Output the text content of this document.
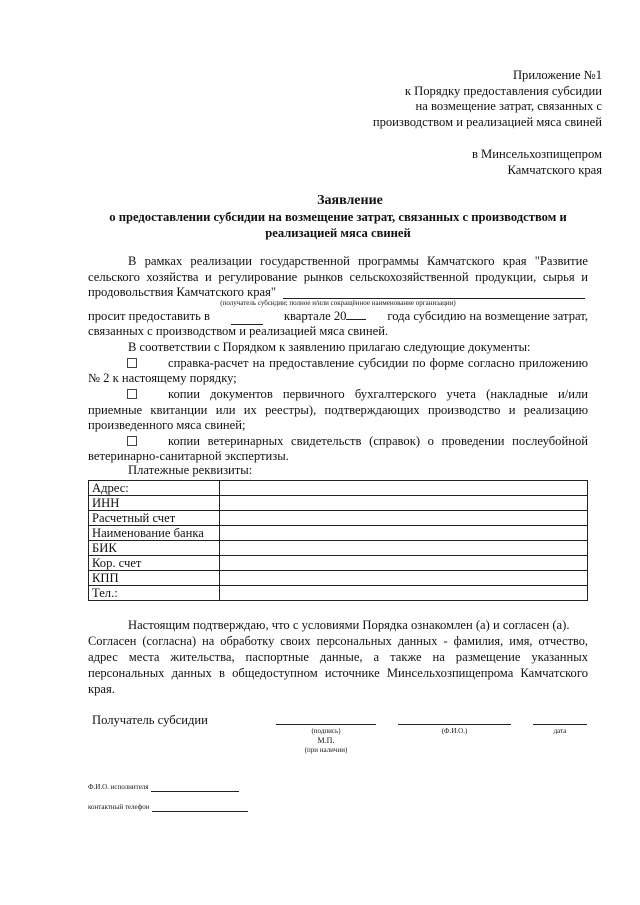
Приложение №1
к Порядку предоставления субсидии
на возмещение затрат, связанных с
производством и реализацией мяса свиней
в Минсельхозпищепром
Камчатского края
Заявление
о предоставлении субсидии на возмещение затрат, связанных с производством и
реализацией мяса свиней
В рамках реализации государственной программы Камчатского края "Развитие
сельского хозяйства и регулирование рынков сельскохозяйственной продукции, сырья и
продовольствия Камчатского края"
(получатель субсидии; полное и/или сокращённое наименование организации)
просит предоставить в	квартале 20	года субсидию на возмещение затрат,
связанных с производством и реализацией мяса свиней.
В соответствии с Порядком к заявлению прилагаю следующие документы:
справка-расчет на предоставление субсидии по форме согласно приложению
№ 2 к настоящему порядку;
копии документов первичного бухгалтерского учета (накладные и/или
приемные квитанции или их реестры), подтверждающих производство и реализацию
произведенного мяса свиней;
копии ветеринарных свидетельств (справок) о проведении послеубойной
ветеринарно-санитарной экспертизы.
Платежные реквизиты:
Адрес:	
ИНН	
Расчетный счет	
Наименование банка	
БИК	
Кор. счет	
КПП	
Тел.:	
Настоящим подтверждаю, что с условиями Порядка ознакомлен (а) и согласен (а).
Согласен (согласна) на обработку своих персональных данных - фамилия, имя, отчество,
адрес места жительства, паспортные данные, а также на размещение указанных
персональных данных в общедоступном источнике Минсельхозпищепрома Камчатского
края.
Получатель субсидии
(подпись)	(Ф.И.О.)	дата
М.П.
(при наличии)
Ф.И.О. исполнителя
контактный телефон
